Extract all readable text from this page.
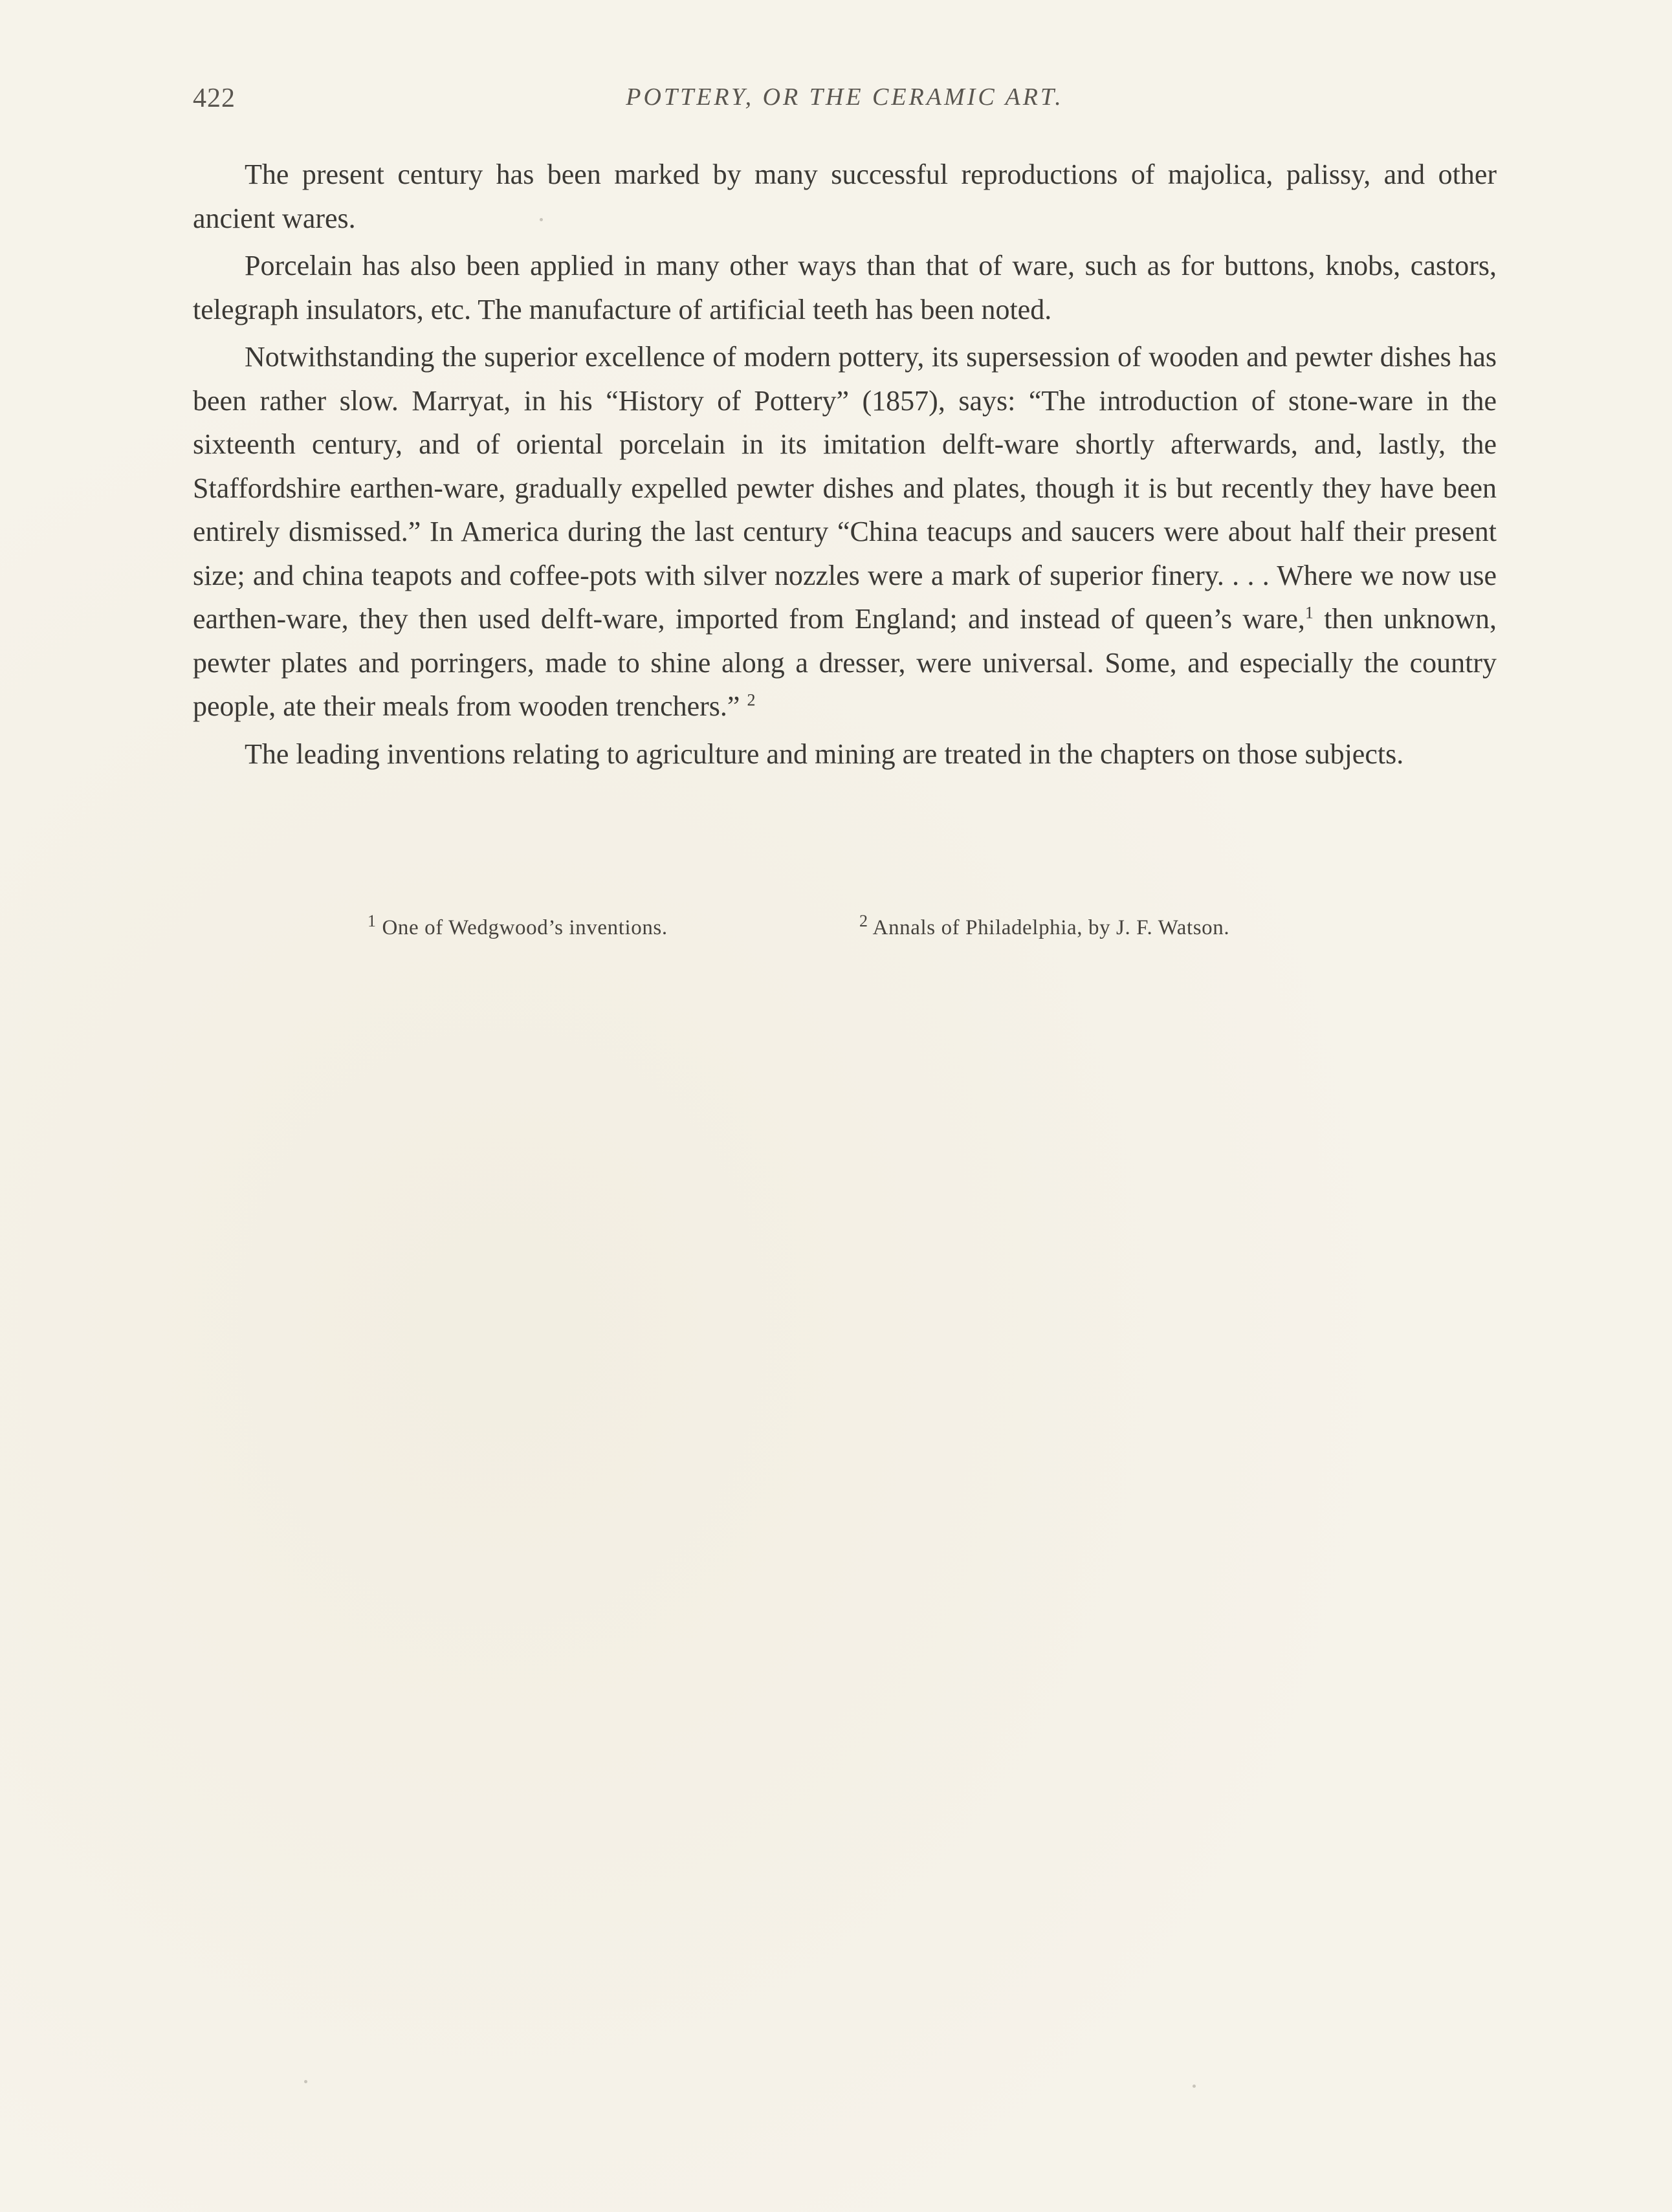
422	POTTERY, OR THE CERAMIC ART.

The present century has been marked by many successful reproductions of majolica, palissy, and other ancient wares.

Porcelain has also been applied in many other ways than that of ware, such as for buttons, knobs, castors, telegraph insulators, etc. The manufacture of artificial teeth has been noted.

Notwithstanding the superior excellence of modern pottery, its supersession of wooden and pewter dishes has been rather slow. Marryat, in his “History of Pottery” (1857), says: “The introduction of stone-ware in the sixteenth century, and of oriental porcelain in its imitation delft-ware shortly afterwards, and, lastly, the Staffordshire earthen-ware, gradually expelled pewter dishes and plates, though it is but recently they have been entirely dismissed.” In America during the last century “China teacups and saucers were about half their present size; and china teapots and coffee-pots with silver nozzles were a mark of superior finery. . . . Where we now use earthen-ware, they then used delft-ware, imported from England; and instead of queen’s ware,$^1$ then unknown, pewter plates and porringers, made to shine along a dresser, were universal. Some, and especially the country people, ate their meals from wooden trenchers.” $^2$

The leading inventions relating to agriculture and mining are treated in the chapters on those subjects.

$^1$ One of Wedgwood’s inventions.	$^2$ Annals of Philadelphia, by J. F. Watson.
